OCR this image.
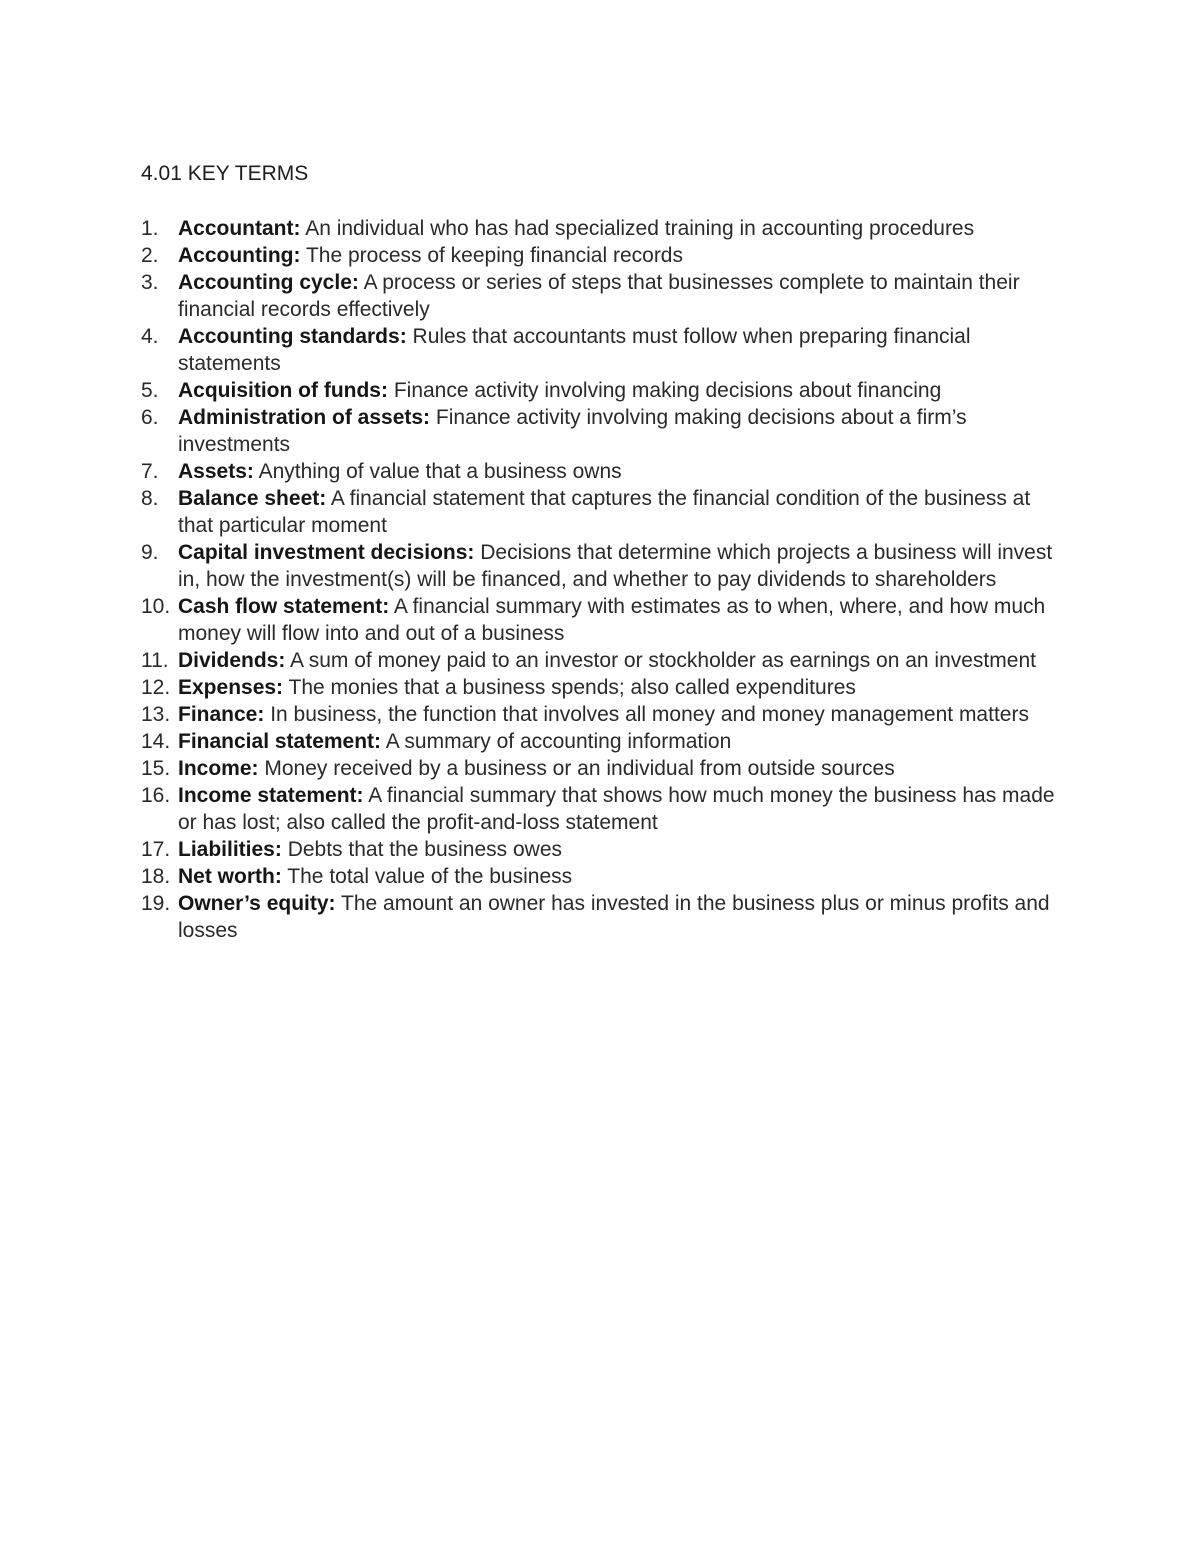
4.01 KEY TERMS
1. Accountant: An individual who has had specialized training in accounting procedures
2. Accounting: The process of keeping financial records
3. Accounting cycle: A process or series of steps that businesses complete to maintain their financial records effectively
4. Accounting standards: Rules that accountants must follow when preparing financial statements
5. Acquisition of funds: Finance activity involving making decisions about financing
6. Administration of assets: Finance activity involving making decisions about a firm’s investments
7. Assets: Anything of value that a business owns
8. Balance sheet: A financial statement that captures the financial condition of the business at that particular moment
9. Capital investment decisions: Decisions that determine which projects a business will invest in, how the investment(s) will be financed, and whether to pay dividends to shareholders
10. Cash flow statement: A financial summary with estimates as to when, where, and how much money will flow into and out of a business
11. Dividends: A sum of money paid to an investor or stockholder as earnings on an investment
12. Expenses: The monies that a business spends; also called expenditures
13. Finance: In business, the function that involves all money and money management matters
14. Financial statement: A summary of accounting information
15. Income: Money received by a business or an individual from outside sources
16. Income statement: A financial summary that shows how much money the business has made or has lost; also called the profit-and-loss statement
17. Liabilities: Debts that the business owes
18. Net worth: The total value of the business
19. Owner’s equity: The amount an owner has invested in the business plus or minus profits and losses
